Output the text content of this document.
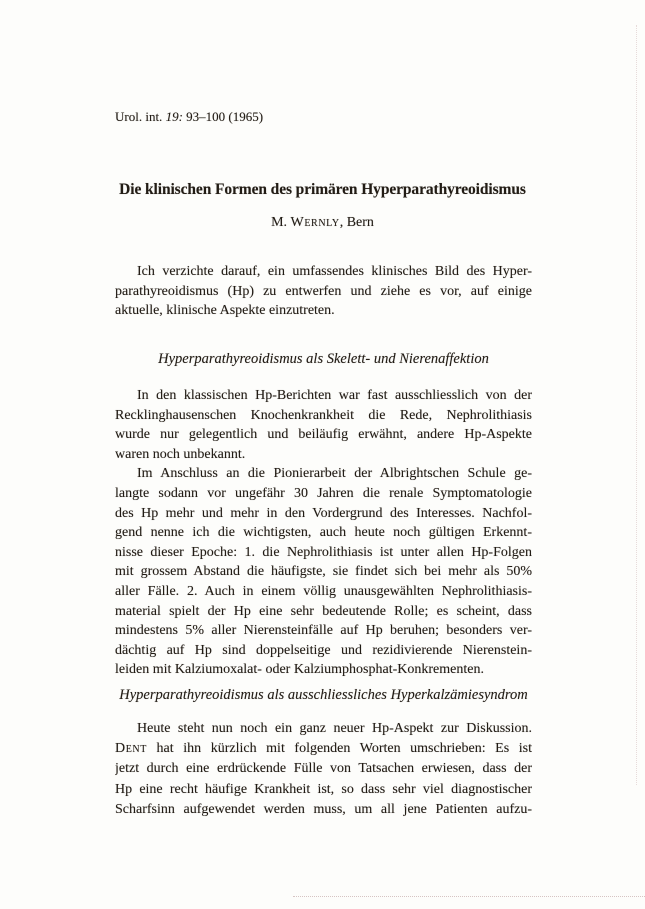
Urol. int. 19: 93–100 (1965)
Die klinischen Formen des primären Hyperparathyreoidismus
M. Wernly, Bern
Ich verzichte darauf, ein umfassendes klinisches Bild des Hyper-
parathyreoidismus (Hp) zu entwerfen und ziehe es vor, auf einige
aktuelle, klinische Aspekte einzutreten.
Hyperparathyreoidismus als Skelett- und Nierenaffektion
In den klassischen Hp-Berichten war fast ausschliesslich von der
Recklinghausenschen Knochenkrankheit die Rede, Nephrolithiasis
wurde nur gelegentlich und beiläufig erwähnt, andere Hp-Aspekte
waren noch unbekannt.
Im Anschluss an die Pionierarbeit der Albrightschen Schule ge-
langte sodann vor ungefähr 30 Jahren die renale Symptomatologie
des Hp mehr und mehr in den Vordergrund des Interesses. Nachfol-
gend nenne ich die wichtigsten, auch heute noch gültigen Erkennt-
nisse dieser Epoche: 1. die Nephrolithiasis ist unter allen Hp-Folgen
mit grossem Abstand die häufigste, sie findet sich bei mehr als 50%
aller Fälle. 2. Auch in einem völlig unausgewählten Nephrolithiasis-
material spielt der Hp eine sehr bedeutende Rolle; es scheint, dass
mindestens 5% aller Nierensteinfälle auf Hp beruhen; besonders ver-
dächtig auf Hp sind doppelseitige und rezidivierende Nierenstein-
leiden mit Kalziumoxalat- oder Kalziumphosphat-Konkrementen.
Hyperparathyreoidismus als ausschliessliches Hyperkalzämiesyndrom
Heute steht nun noch ein ganz neuer Hp-Aspekt zur Diskussion.
Dent hat ihn kürzlich mit folgenden Worten umschrieben: Es ist
jetzt durch eine erdrückende Fülle von Tatsachen erwiesen, dass der
Hp eine recht häufige Krankheit ist, so dass sehr viel diagnostischer
Scharfsinn aufgewendet werden muss, um all jene Patienten aufzu-
